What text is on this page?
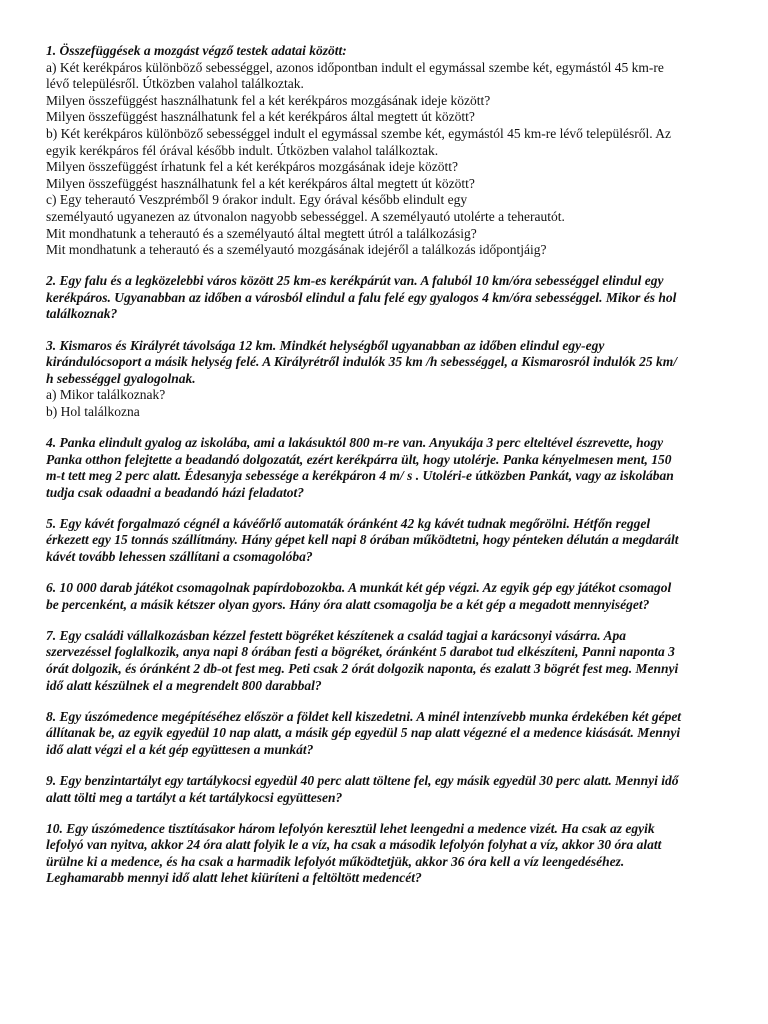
1. Összefüggések a mozgást végző testek adatai között:
a) Két kerékpáros különböző sebességgel, azonos időpontban indult el egymással szembe két, egymástól 45 km-re
lévő településről. Útközben valahol találkoztak.
Milyen összefüggést használhatunk fel a két kerékpáros mozgásának ideje között?
Milyen összefüggést használhatunk fel a két kerékpáros által megtett út között?
b) Két kerékpáros különböző sebességgel indult el egymással szembe két, egymástól 45 km-re lévő településről. Az
egyik kerékpáros fél órával később indult. Útközben valahol találkoztak.
Milyen összefüggést írhatunk fel a két kerékpáros mozgásának ideje között?
Milyen összefüggést használhatunk fel a két kerékpáros által megtett út között?
c) Egy teherautó Veszprémből 9 órakor indult. Egy órával később elindult egy
személyautó ugyanezen az útvonalon nagyobb sebességgel. A személyautó utolérte a teherautót.
Mit mondhatunk a teherautó és a személyautó által megtett útról a találkozásig?
Mit mondhatunk a teherautó és a személyautó mozgásának idejéről a találkozás időpontjáig?
2. Egy falu és a legközelebbi város között 25 km-es kerékpárút van. A faluból 10 km/óra sebességgel elindul egy
kerékpáros. Ugyanabban az időben a városból elindul a falu felé egy gyalogos 4 km/óra sebességgel. Mikor és hol
találkoznak?
3. Kismaros és Királyrét távolsága 12 km. Mindkét helységből ugyanabban az időben elindul egy-egy
kirándulócsoport a másik helység felé. A Királyrétről indulók 35 km /h sebességgel, a Kismarosról indulók 25 km/
h sebességgel gyalogolnak.
a) Mikor találkoznak?
b) Hol találkozna
4. Panka elindult gyalog az iskolába, ami a lakásuktól 800 m-re van. Anyukája 3 perc elteltével észrevette, hogy
Panka otthon felejtette a beadandó dolgozatát, ezért kerékpárra ült, hogy utolérje. Panka kényelmesen ment, 150
m-t tett meg 2 perc alatt. Édesanyja sebessége a kerékpáron 4 m/ s . Utoléri-e útközben Pankát, vagy az iskolában
tudja csak odaadni a beadandó házi feladatot?
5. Egy kávét forgalmazó cégnél a kávéőrlő automaták óránként 42 kg kávét tudnak megőrölni. Hétfőn reggel
érkezett egy 15 tonnás szállítmány. Hány gépet kell napi 8 órában működtetni, hogy pénteken délután a megdarált
kávét tovább lehessen szállítani a csomagolóba?
6. 10 000 darab játékot csomagolnak papírdobozokba. A munkát két gép végzi. Az egyik gép egy játékot csomagol
be percenként, a másik kétszer olyan gyors. Hány óra alatt csomagolja be a két gép a megadott mennyiséget?
7. Egy családi vállalkozásban kézzel festett bögréket készítenek a család tagjai a karácsonyi vásárra. Apa
szervezéssel foglalkozik, anya napi 8 órában festi a bögréket, óránként 5 darabot tud elkészíteni, Panni naponta 3
órát dolgozik, és óránként 2 db-ot fest meg. Peti csak 2 órát dolgozik naponta, és ezalatt 3 bögrét fest meg. Mennyi
idő alatt készülnek el a megrendelt 800 darabbal?
8. Egy úszómedence megépítéséhez először a földet kell kiszedetni. A minél intenzívebb munka érdekében két gépet
állítanak be, az egyik egyedül 10 nap alatt, a másik gép egyedül 5 nap alatt végezné el a medence kiásását. Mennyi
idő alatt végzi el a két gép együttesen a munkát?
9. Egy benzintartályt egy tartálykocsi egyedül 40 perc alatt töltene fel, egy másik egyedül 30 perc alatt. Mennyi idő
alatt tölti meg a tartályt a két tartálykocsi együttesen?
10. Egy úszómedence tisztításakor három lefolyón keresztül lehet leengedni a medence vizét. Ha csak az egyik
lefolyó van nyitva, akkor 24 óra alatt folyik le a víz, ha csak a második lefolyón folyhat a víz, akkor 30 óra alatt
ürülne ki a medence, és ha csak a harmadik lefolyót működtetjük, akkor 36 óra kell a víz leengedéséhez.
Leghamarabb mennyi idő alatt lehet kiüríteni a feltöltött medencét?
